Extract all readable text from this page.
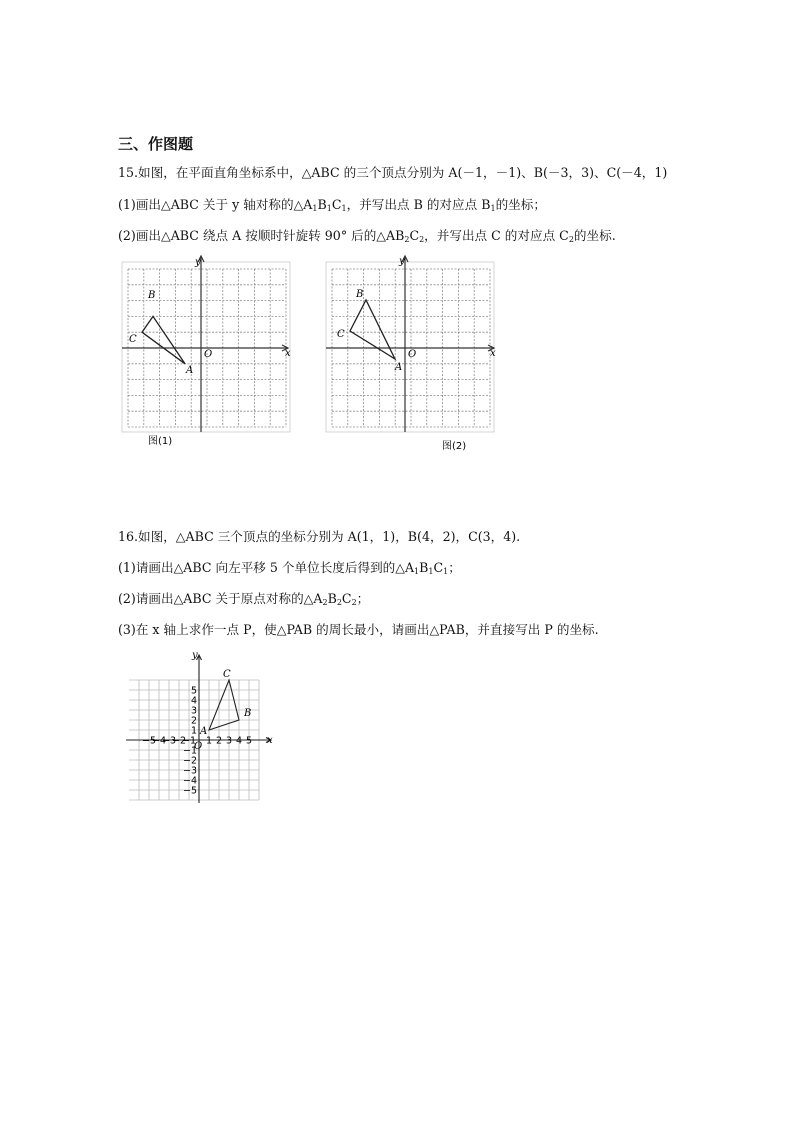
三、作图题
15.如图，在平面直角坐标系中，△ABC 的三个顶点分别为 A(－1，－1)、B(－3，3)、C(－4，1)
(1)画出△ABC 关于 y 轴对称的$\triangle A_1B_1C_1$，并写出点 B 的对应点 $B_1$的坐标；
(2)画出△ABC 绕点 A 按顺时针旋转 90° 后的$\triangle AB_2C_2$，并写出点 C 的对应点 $C_2$的坐标.
x
y
O
A
B
C
图(1)
x
y
O
A
B
C
图(2)
16.如图，△ABC 三个顶点的坐标分别为 A(1，1)，B(4，2)，C(3，4).
(1)请画出△ABC 向左平移 5 个单位长度后得到的$\triangle A_1B_1C_1$；
(2)请画出△ABC 关于原点对称的$\triangle A_2B_2C_2$；
(3)在 x 轴上求作一点 P，使△PAB 的周长最小，请画出△PAB，并直接写出 P 的坐标.
−5
−4
−3
−2
−1 1 2 3 4 5
5
4
3
2
1
−1
−2
−3
−4
−5
x
y
O
A
B
C
